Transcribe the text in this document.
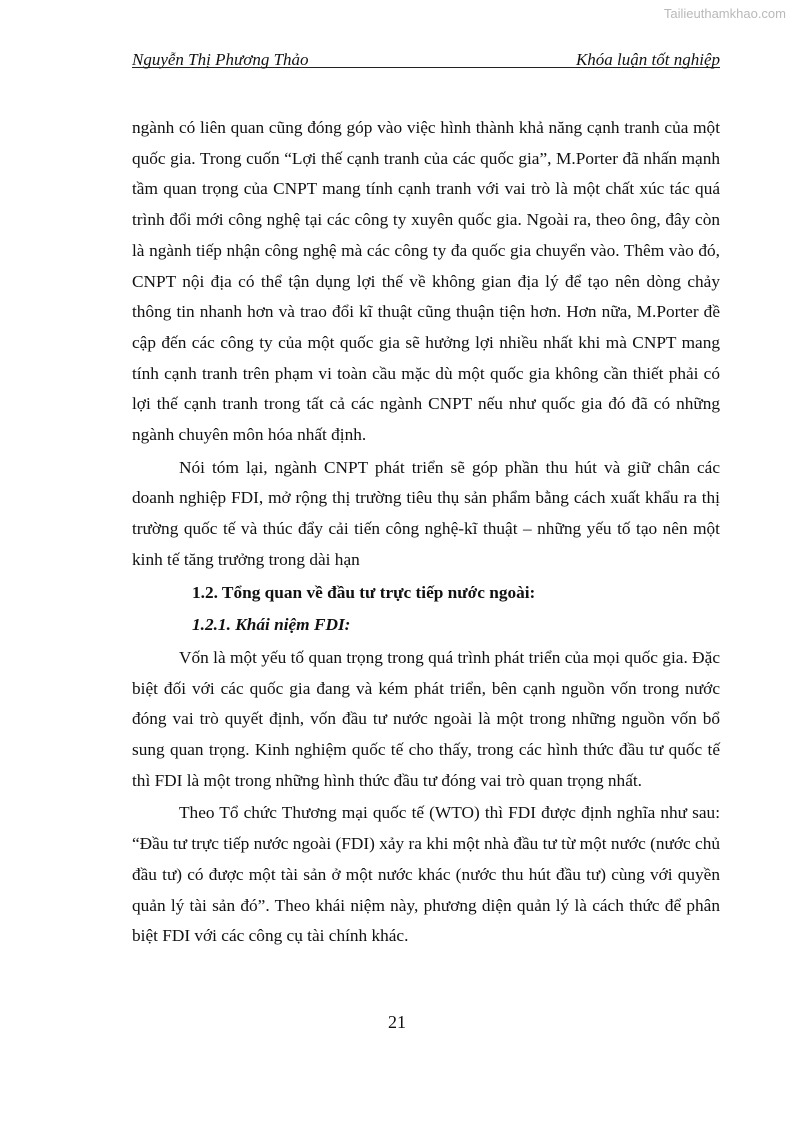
Tailieuthamkhao.com
Nguyễn Thị Phương Thảo	Khóa luận tốt nghiệp

ngành có liên quan cũng đóng góp vào việc hình thành khả năng cạnh tranh của một quốc gia. Trong cuốn “Lợi thế cạnh tranh của các quốc gia”, M.Porter đã nhấn mạnh tầm quan trọng của CNPT mang tính cạnh tranh với vai trò là một chất xúc tác quá trình đổi mới công nghệ tại các công ty xuyên quốc gia. Ngoài ra, theo ông, đây còn là ngành tiếp nhận công nghệ mà các công ty đa quốc gia chuyển vào. Thêm vào đó, CNPT nội địa có thể tận dụng lợi thế về không gian địa lý để tạo nên dòng chảy thông tin nhanh hơn và trao đổi kĩ thuật cũng thuận tiện hơn. Hơn nữa, M.Porter đề cập đến các công ty của một quốc gia sẽ hưởng lợi nhiều nhất khi mà CNPT mang tính cạnh tranh trên phạm vi toàn cầu mặc dù một quốc gia không cần thiết phải có lợi thế cạnh tranh trong tất cả các ngành CNPT nếu như quốc gia đó đã có những ngành chuyên môn hóa nhất định.

Nói tóm lại, ngành CNPT phát triển sẽ góp phần thu hút và giữ chân các doanh nghiệp FDI, mở rộng thị trường tiêu thụ sản phẩm bằng cách xuất khẩu ra thị trường quốc tế và thúc đẩy cải tiến công nghệ-kĩ thuật – những yếu tố tạo nên một kinh tế tăng trưởng trong dài hạn

1.2. Tổng quan về đầu tư trực tiếp nước ngoài:

1.2.1. Khái niệm FDI:

Vốn là một yếu tố quan trọng trong quá trình phát triển của mọi quốc gia. Đặc biệt đối với các quốc gia đang và kém phát triển, bên cạnh nguồn vốn trong nước đóng vai trò quyết định, vốn đầu tư nước ngoài là một trong những nguồn vốn bổ sung quan trọng. Kinh nghiệm quốc tế cho thấy, trong các hình thức đầu tư quốc tế thì FDI là một trong những hình thức đầu tư đóng vai trò quan trọng nhất.

Theo Tổ chức Thương mại quốc tế (WTO) thì FDI được định nghĩa như sau: “Đầu tư trực tiếp nước ngoài (FDI) xảy ra khi một nhà đầu tư từ một nước (nước chủ đầu tư) có được một tài sản ở một nước khác (nước thu hút đầu tư) cùng với quyền quản lý tài sản đó”. Theo khái niệm này, phương diện quản lý là cách thức để phân biệt FDI với các công cụ tài chính khác.

21
